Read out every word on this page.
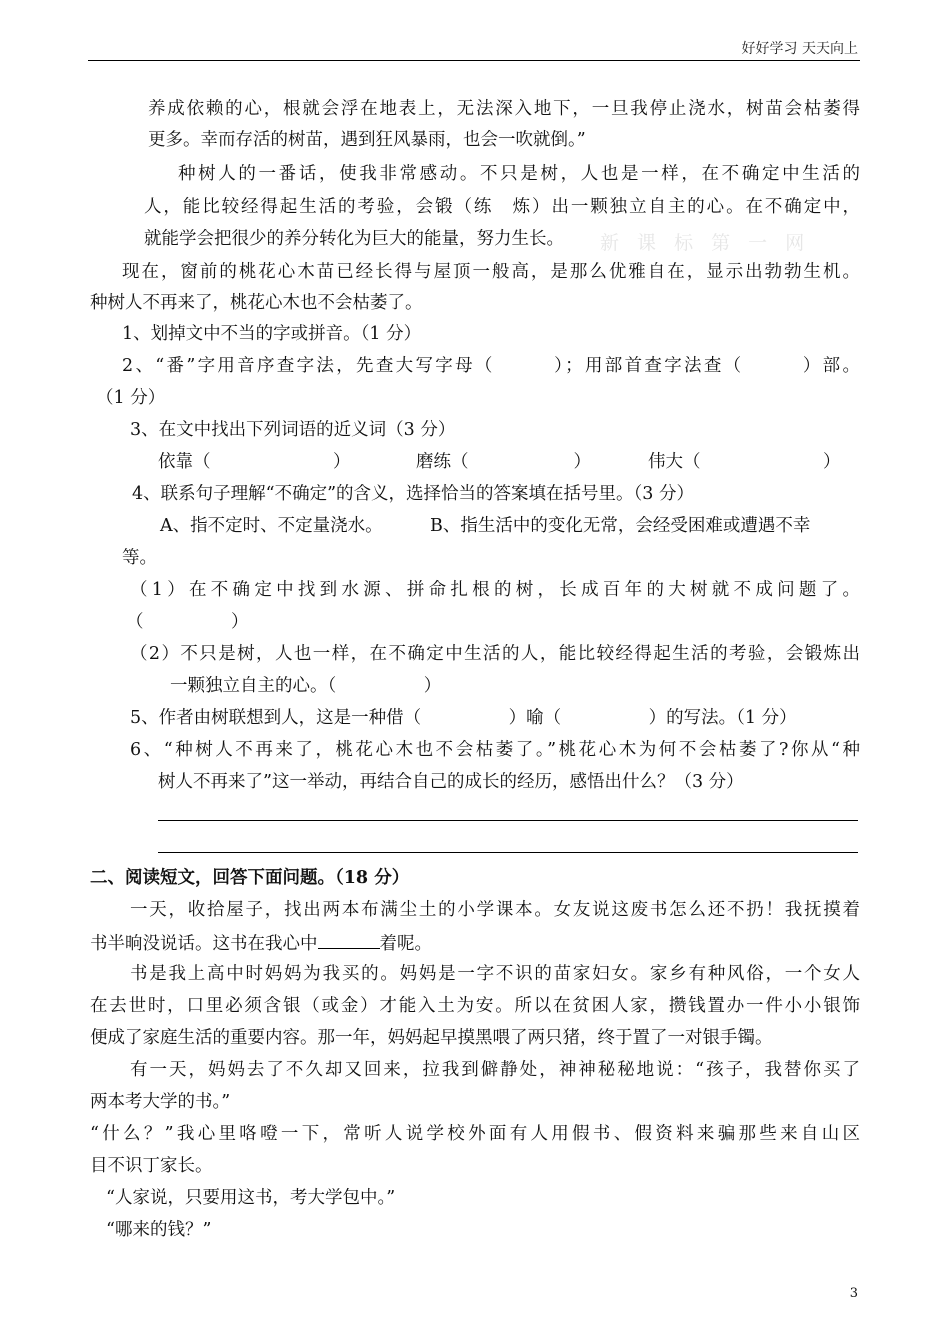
好好学习 天天向上
新 课 标 第 一 网
养成依赖的心，根就会浮在地表上，无法深入地下，一旦我停止浇水，树苗会枯萎得
更多。幸而存活的树苗，遇到狂风暴雨，也会一吹就倒。”
种树人的一番话，使我非常感动。不只是树，人也是一样，在不确定中生活的
人，能比较经得起生活的考验，会锻（练　炼）出一颗独立自主的心。在不确定中，
就能学会把很少的养分转化为巨大的能量，努力生长。
现在，窗前的桃花心木苗已经长得与屋顶一般高，是那么优雅自在，显示出勃勃生机。
种树人不再来了，桃花心木也不会枯萎了。
1、划掉文中不当的字或拼音。（1 分）
2、“番”字用音序查字法，先查大写字母（　　　）；用部首查字法查（　　　）部。
（1 分）
3、在文中找出下列词语的近义词（3 分）
依靠（　　　　　　　）	磨练（　　　　　　）	伟大（　　　　　　　）
4、联系句子理解“不确定”的含义，选择恰当的答案填在括号里。（3 分）
A、指不定时、不定量浇水。	B、指生活中的变化无常，会经受困难或遭遇不幸
等。
（1）在不确定中找到水源、拼命扎根的树，长成百年的大树就不成问题了。
（　　　　　）
（2）不只是树，人也一样，在不确定中生活的人，能比较经得起生活的考验，会锻炼出
一颗独立自主的心。（　　　　　）
5、作者由树联想到人，这是一种借（　　　　　）喻（　　　　　）的写法。（1 分）
6、“种树人不再来了，桃花心木也不会枯萎了。”桃花心木为何不会枯萎了?你从“种
树人不再来了”这一举动，再结合自己的成长的经历，感悟出什么？（3 分）
二、阅读短文，回答下面问题。（18 分）
一天，收拾屋子，找出两本布满尘土的小学课本。女友说这废书怎么还不扔！我抚摸着
书半晌没说话。这书在我心中	着呢。
书是我上高中时妈妈为我买的。妈妈是一字不识的苗家妇女。家乡有种风俗，一个女人
在去世时，口里必须含银（或金）才能入土为安。所以在贫困人家，攒钱置办一件小小银饰
便成了家庭生活的重要内容。那一年，妈妈起早摸黑喂了两只猪，终于置了一对银手镯。
有一天，妈妈去了不久却又回来，拉我到僻静处，神神秘秘地说：“孩子，我替你买了
两本考大学的书。”
“什么？”我心里咯噔一下，常听人说学校外面有人用假书、假资料来骗那些来自山区
目不识丁家长。
“人家说，只要用这书，考大学包中。”
“哪来的钱？”
3
